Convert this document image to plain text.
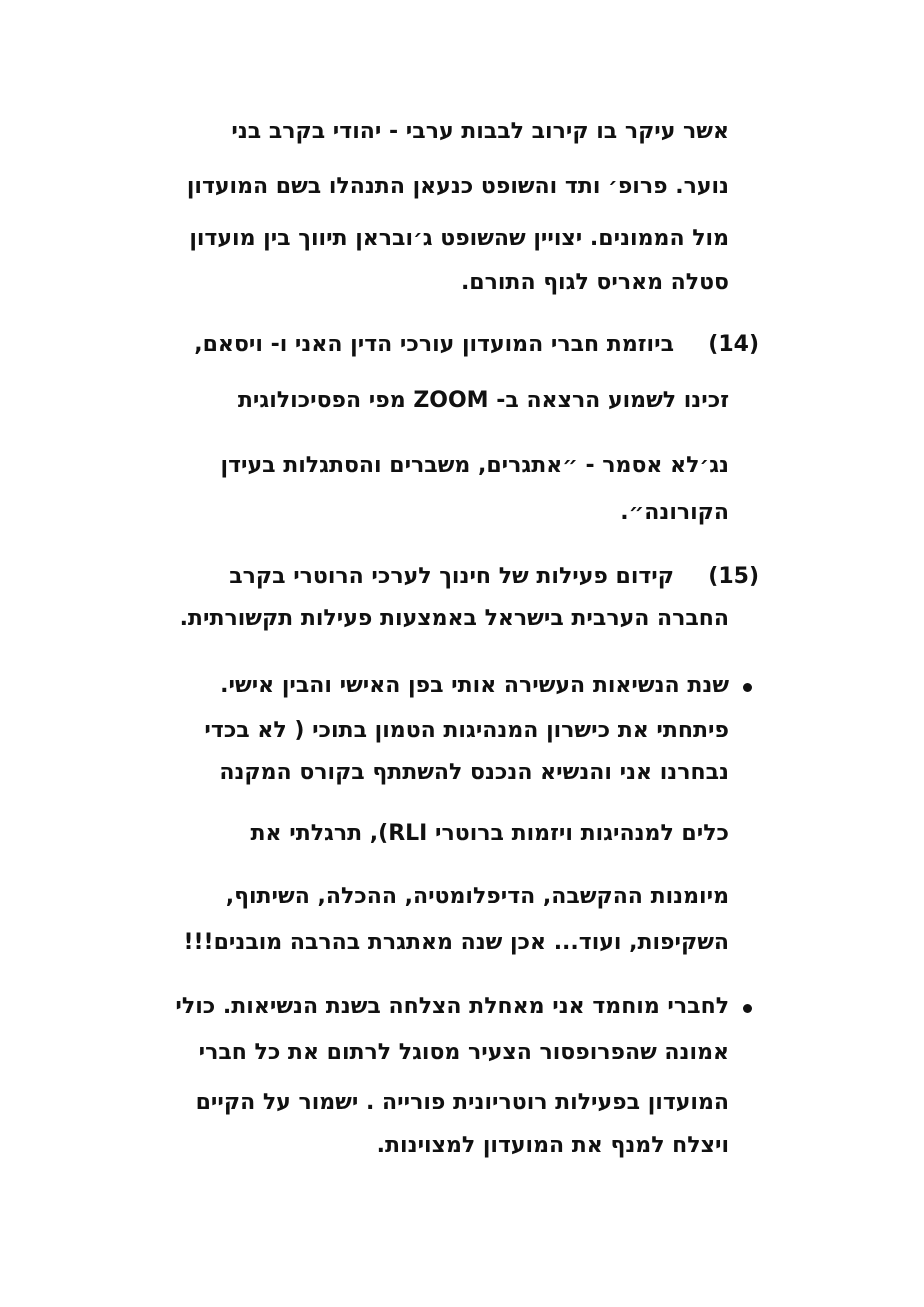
אשר עיקר בו קירוב לבבות ערבי - יהודי בקרב בני
נוער. פרופ׳ ותד והשופט כנעאן התנהלו בשם המועדון
מול הממונים. יצויין שהשופט ג׳ובראן תיווך בין מועדון
סטלה מאריס לגוף התורם.
(14)
ביוזמת חברי המועדון עורכי הדין האני ו- ויסאם,
זכינו לשמוע הרצאה ב- ZOOM מפי הפסיכולוגית
נג׳לא אסמר - ״אתגרים, משברים והסתגלות בעידן
הקורונה״.
(15)
קידום פעילות של חינוך לערכי הרוטרי בקרב
החברה הערבית בישראל באמצעות פעילות תקשורתית.
שנת הנשיאות העשירה אותי בפן האישי והבין אישי.
פיתחתי את כישרון המנהיגות הטמון בתוכי ( לא בכדי
נבחרנו אני והנשיא הנכנס להשתתף בקורס המקנה
כלים למנהיגות ויזמות ברוטרי RLI), תרגלתי את
מיומנות ההקשבה, הדיפלומטיה, ההכלה, השיתוף,
השקיפות, ועוד... אכן שנה מאתגרת בהרבה מובנים!!!
לחברי מוחמד אני מאחלת הצלחה בשנת הנשיאות. כולי
אמונה שהפרופסור הצעיר מסוגל לרתום את כל חברי
המועדון בפעילות רוטריונית פורייה . ישמור על הקיים
ויצלח למנף את המועדון למצוינות.
